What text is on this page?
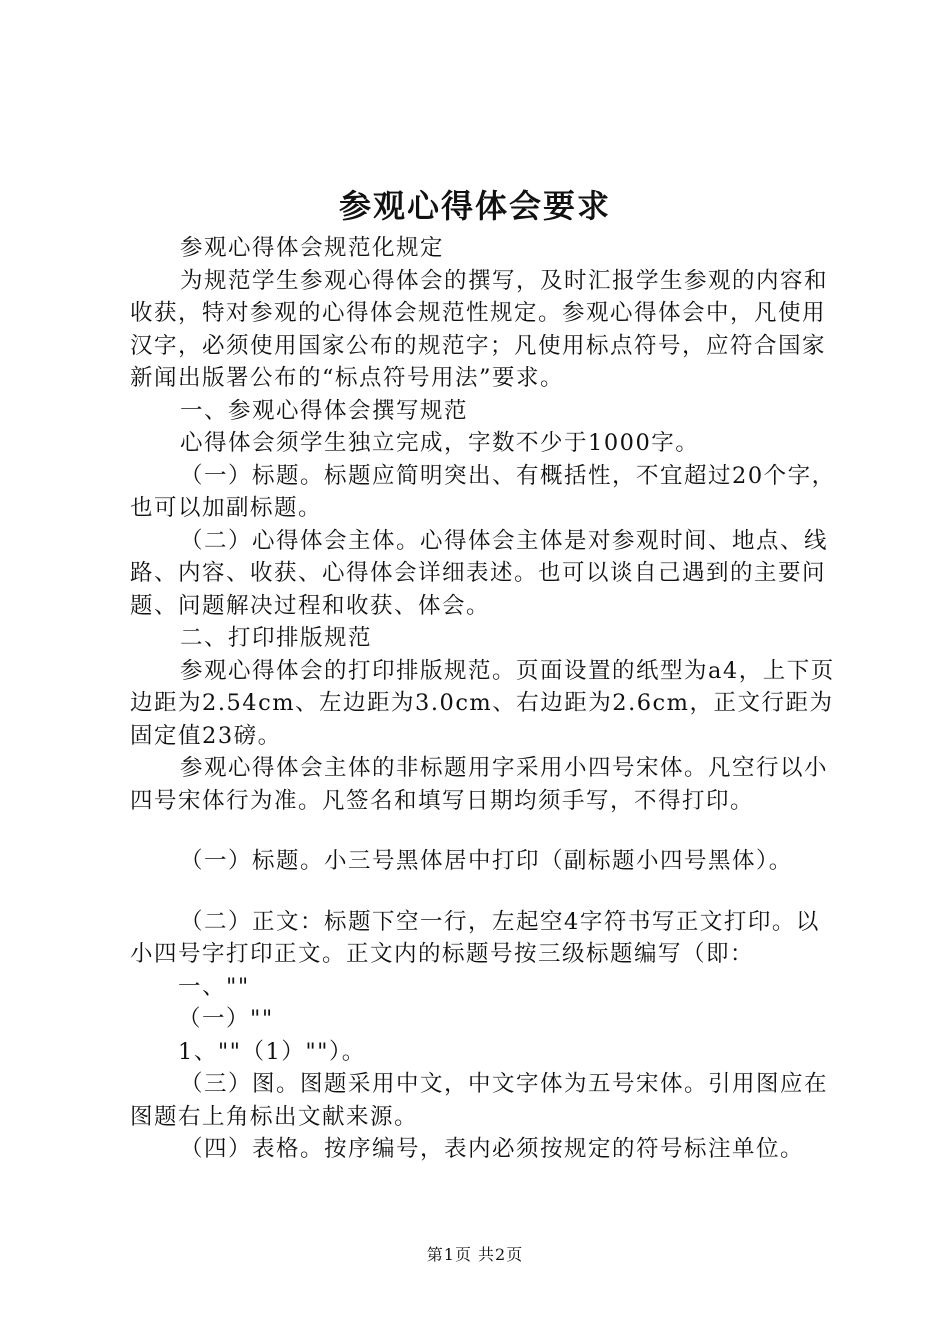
参观心得体会要求

参观心得体会规范化规定

为规范学生参观心得体会的撰写，及时汇报学生参观的内容和收获，特对参观的心得体会规范性规定。参观心得体会中，凡使用汉字，必须使用国家公布的规范字；凡使用标点符号，应符合国家新闻出版署公布的“标点符号用法”要求。

一、参观心得体会撰写规范

心得体会须学生独立完成，字数不少于1000字。

（一）标题。标题应简明突出、有概括性，不宜超过20个字，也可以加副标题。

（二）心得体会主体。心得体会主体是对参观时间、地点、线路、内容、收获、心得体会详细表述。也可以谈自己遇到的主要问题、问题解决过程和收获、体会。

二、打印排版规范

参观心得体会的打印排版规范。页面设置的纸型为a4，上下页边距为2.54cm、左边距为3.0cm、右边距为2.6cm，正文行距为固定值23磅。

参观心得体会主体的非标题用字采用小四号宋体。凡空行以小四号宋体行为准。凡签名和填写日期均须手写，不得打印。

（一）标题。小三号黑体居中打印（副标题小四号黑体）。

（二）正文：标题下空一行，左起空4字符书写正文打印。以小四号字打印正文。正文内的标题号按三级标题编写（即：

一、""

（一）""

1、""（1）""）。

（三）图。图题采用中文，中文字体为五号宋体。引用图应在图题右上角标出文献来源。

（四）表格。按序编号，表内必须按规定的符号标注单位。

第1页 共2页
